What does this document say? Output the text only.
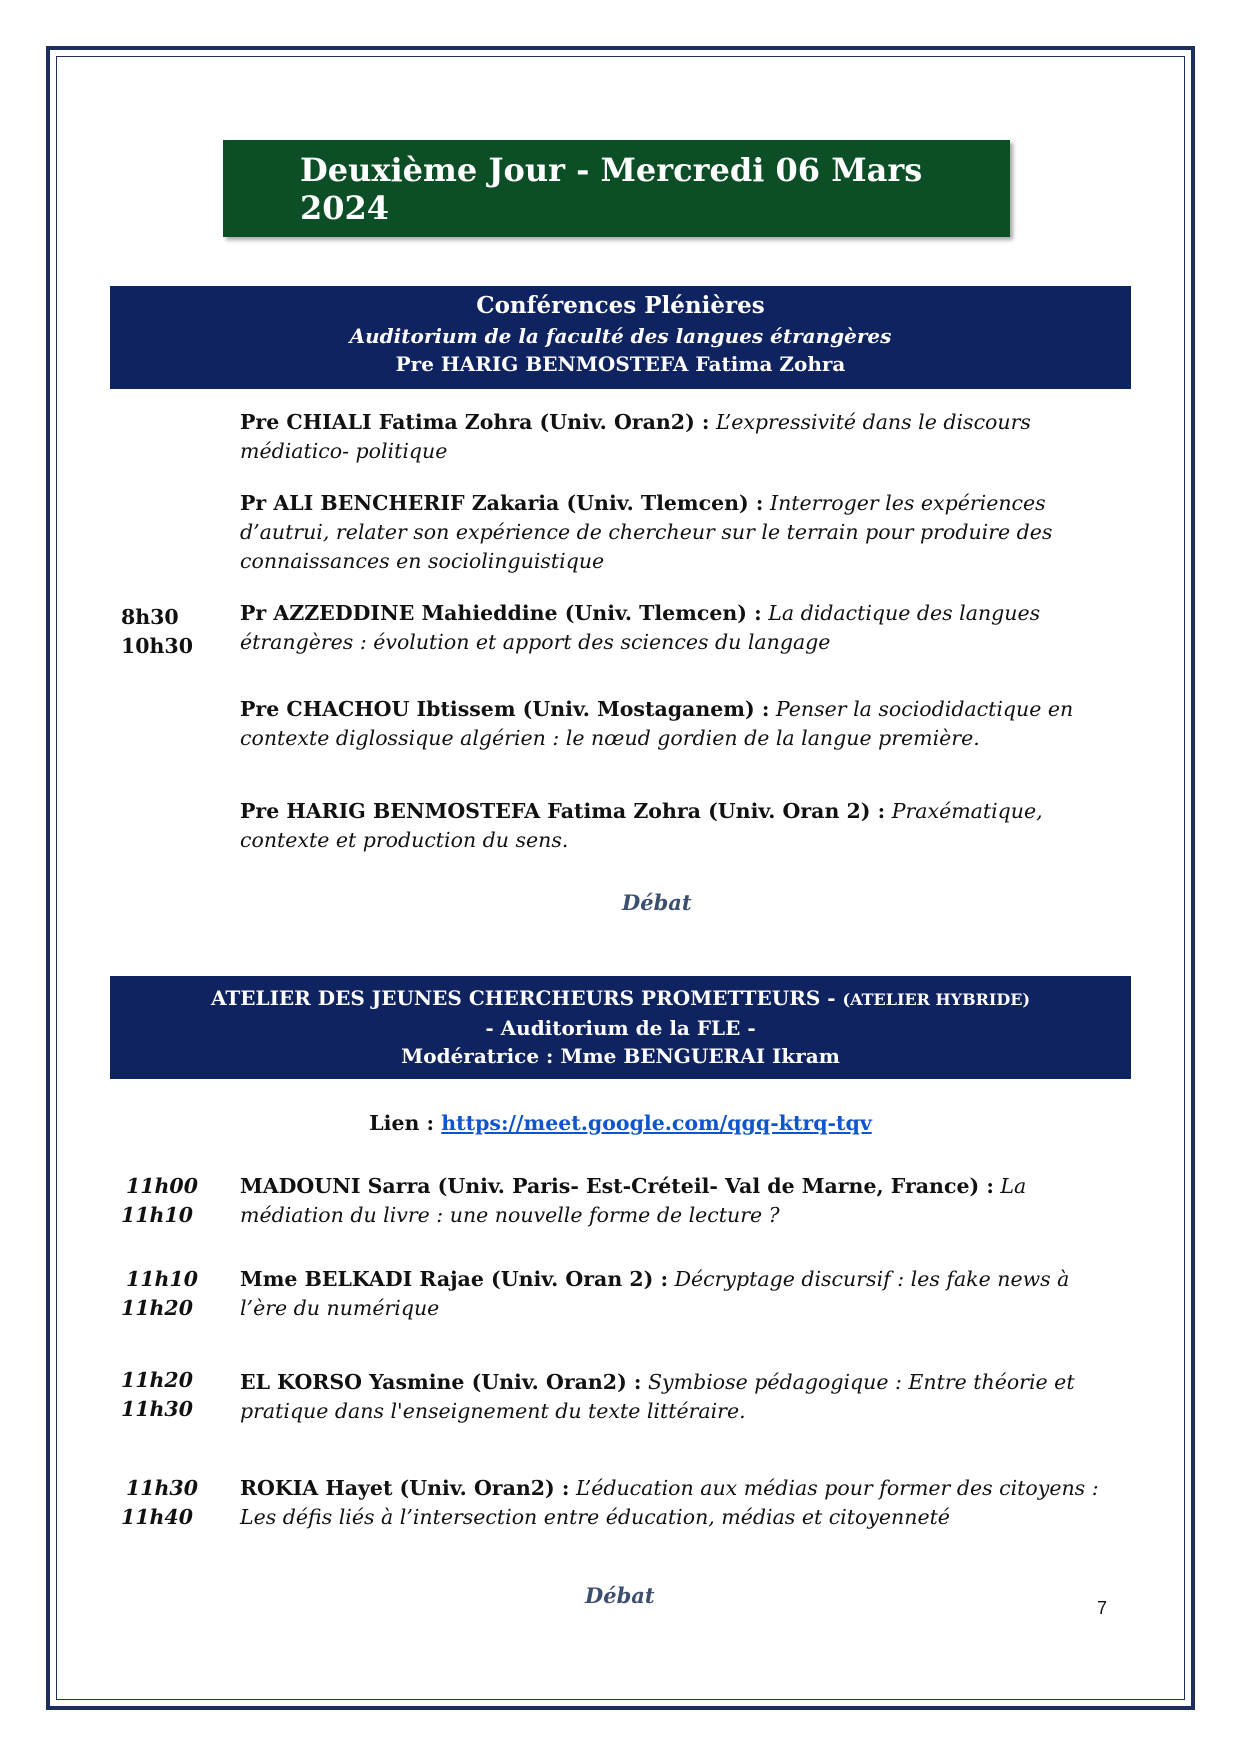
Deuxième Jour - Mercredi 06 Mars 2024
Conférences Plénières
Auditorium de la faculté des langues étrangères
Pre HARIG BENMOSTEFA Fatima Zohra
Pre CHIALI Fatima Zohra (Univ. Oran2) : L’expressivité dans le discours médiatico- politique
Pr ALI BENCHERIF Zakaria (Univ. Tlemcen) : Interroger les expériences d’autrui, relater son expérience de chercheur sur le terrain pour produire des connaissances en sociolinguistique
Pr AZZEDDINE Mahieddine (Univ. Tlemcen) : La didactique des langues étrangères : évolution et apport des sciences du langage
Pre CHACHOU Ibtissem (Univ. Mostaganem) : Penser la sociodidactique en contexte diglossique algérien : le nœud gordien de la langue première.
Pre HARIG BENMOSTEFA Fatima Zohra (Univ. Oran 2) : Praxématique, contexte et production du sens.
8h30
10h30
Débat
ATELIER DES JEUNES CHERCHEURS PROMETTEURS - (ATELIER HYBRIDE)
- Auditorium de la FLE -
Modératrice : Mme BENGUERAI Ikram
Lien : https://meet.google.com/qgq-ktrq-tqv
11h00
11h10
MADOUNI Sarra (Univ. Paris- Est-Créteil- Val de Marne, France) : La médiation du livre : une nouvelle forme de lecture ?
11h10
11h20
Mme BELKADI Rajae (Univ. Oran 2) : Décryptage discursif : les fake news à l’ère du numérique
11h20
11h30
EL KORSO Yasmine (Univ. Oran2) : Symbiose pédagogique : Entre théorie et pratique dans l'enseignement du texte littéraire.
11h30
11h40
ROKIA Hayet (Univ. Oran2) : L’éducation aux médias pour former des citoyens : Les défis liés à l’intersection entre éducation, médias et citoyenneté
Débat	7
